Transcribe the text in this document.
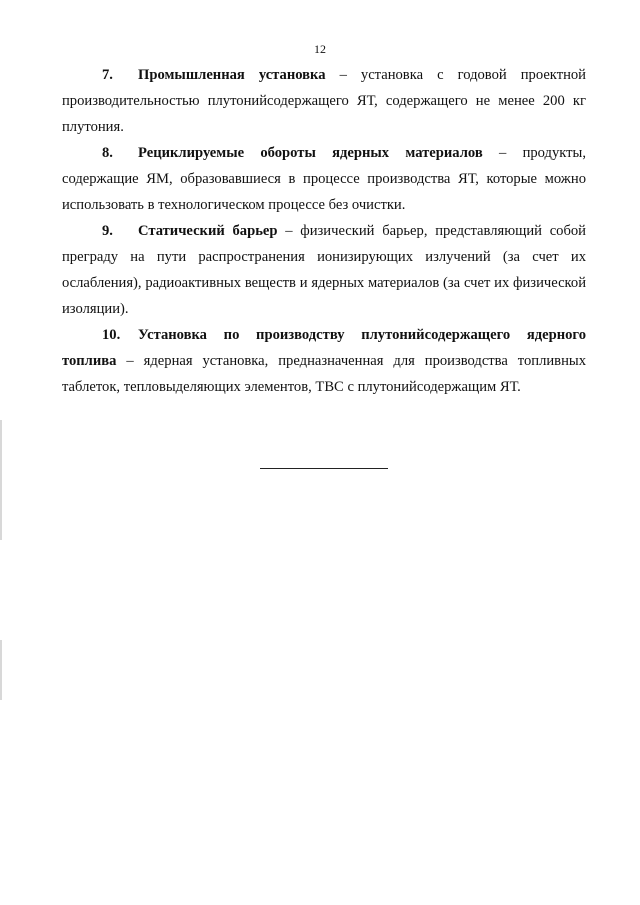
12

7. Промышленная установка – установка с годовой проектной производительностью плутонийсодержащего ЯТ, содержащего не менее 200 кг плутония.

8. Рециклируемые обороты ядерных материалов – продукты, содержащие ЯМ, образовавшиеся в процессе производства ЯТ, которые можно использовать в технологическом процессе без очистки.

9. Статический барьер – физический барьер, представляющий собой преграду на пути распространения ионизирующих излучений (за счет их ослабления), радиоактивных веществ и ядерных материалов (за счет их физической изоляции).

10. Установка по производству плутонийсодержащего ядерного топлива – ядерная установка, предназначенная для производства топливных таблеток, тепловыделяющих элементов, ТВС с плутонийсодержащим ЯТ.
